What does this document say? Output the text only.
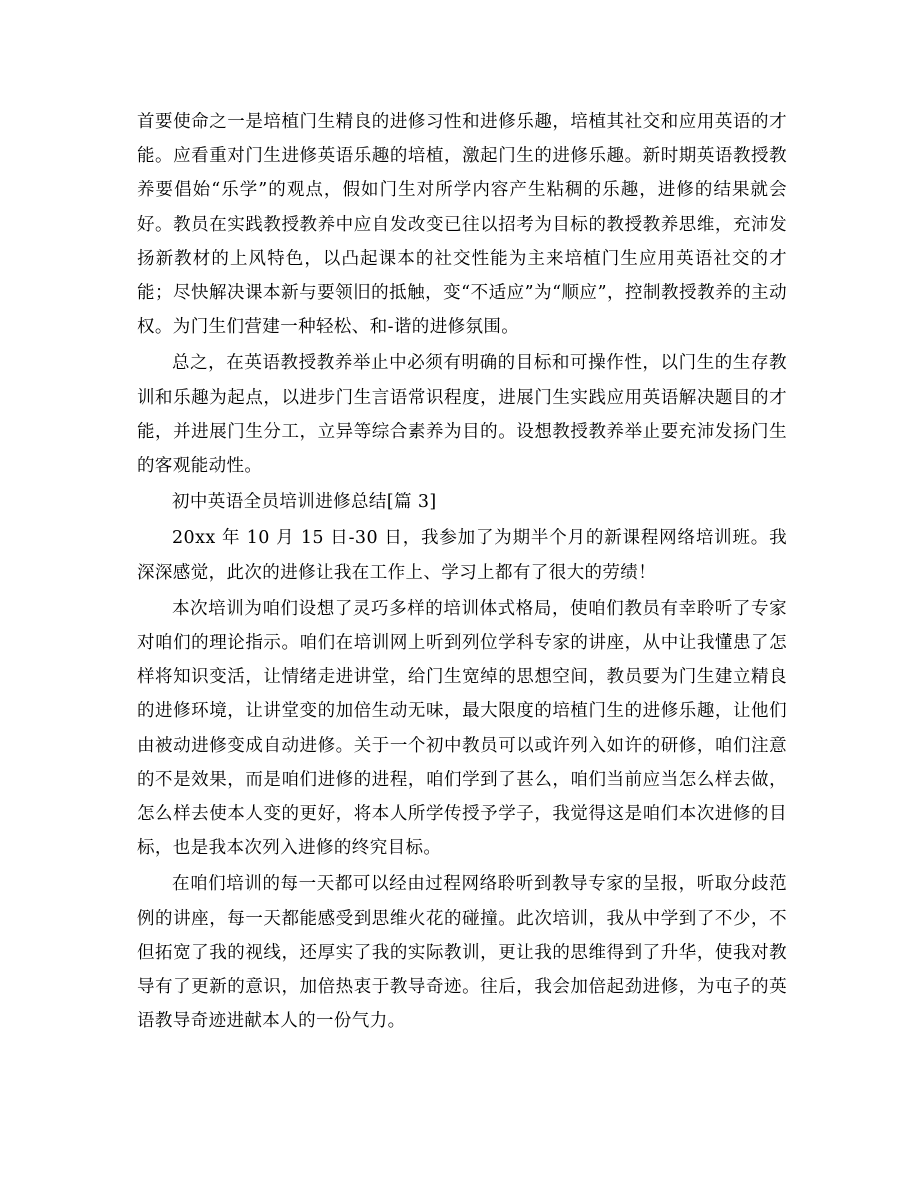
首要使命之一是培植门生精良的进修习性和进修乐趣，培植其社交和应用英语的才能。应看重对门生进修英语乐趣的培植，激起门生的进修乐趣。新时期英语教授教养要倡始“乐学”的观点，假如门生对所学内容产生粘稠的乐趣，进修的结果就会好。教员在实践教授教养中应自发改变已往以招考为目标的教授教养思维，充沛发扬新教材的上风特色，以凸起课本的社交性能为主来培植门生应用英语社交的才能；尽快解决课本新与要领旧的抵触，变“不适应”为“顺应”，控制教授教养的主动权。为门生们营建一种轻松、和-谐的进修氛围。

总之，在英语教授教养举止中必须有明确的目标和可操作性，以门生的生存教训和乐趣为起点，以进步门生言语常识程度，进展门生实践应用英语解决题目的才能，并进展门生分工，立异等综合素养为目的。设想教授教养举止要充沛发扬门生的客观能动性。

初中英语全员培训进修总结[篇 3]

20xx 年 10 月 15 日-30 日，我参加了为期半个月的新课程网络培训班。我深深感觉，此次的进修让我在工作上、学习上都有了很大的劳绩！

本次培训为咱们设想了灵巧多样的培训体式格局，使咱们教员有幸聆听了专家对咱们的理论指示。咱们在培训网上听到列位学科专家的讲座，从中让我懂患了怎样将知识变活，让情绪走进讲堂，给门生宽绰的思想空间，教员要为门生建立精良的进修环境，让讲堂变的加倍生动无味，最大限度的培植门生的进修乐趣，让他们由被动进修变成自动进修。关于一个初中教员可以或许列入如许的研修，咱们注意的不是效果，而是咱们进修的进程，咱们学到了甚么，咱们当前应当怎么样去做，怎么样去使本人变的更好，将本人所学传授予学子，我觉得这是咱们本次进修的目标，也是我本次列入进修的终究目标。

在咱们培训的每一天都可以经由过程网络聆听到教导专家的呈报，听取分歧范例的讲座，每一天都能感受到思维火花的碰撞。此次培训，我从中学到了不少，不但拓宽了我的视线，还厚实了我的实际教训，更让我的思维得到了升华，使我对教导有了更新的意识，加倍热衷于教导奇迹。往后，我会加倍起劲进修，为屯子的英语教导奇迹进献本人的一份气力。
